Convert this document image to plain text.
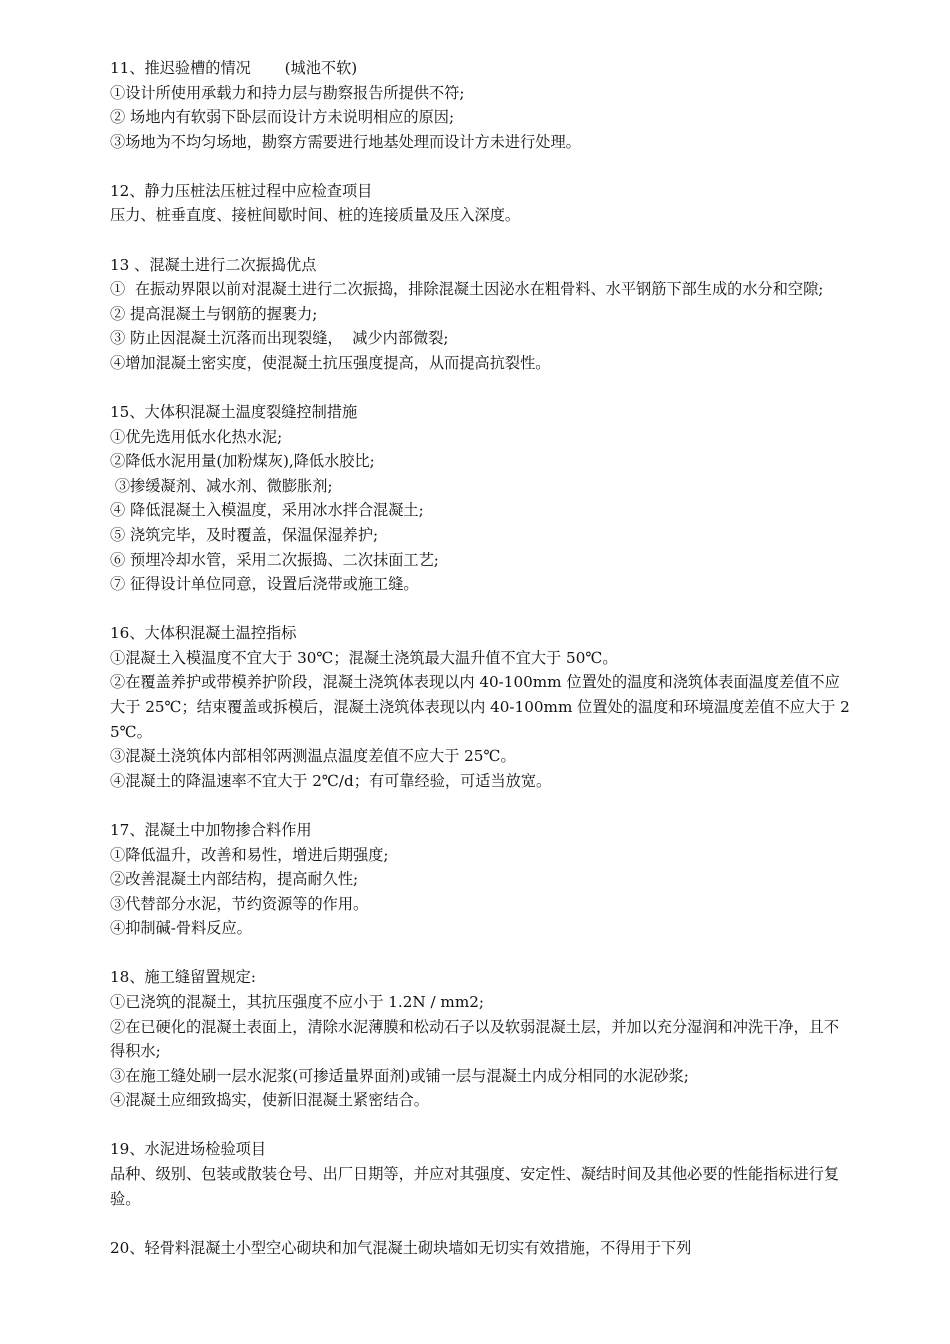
11、推迟验槽的情况       (城池不软)

①设计所使用承载力和持力层与勘察报告所提供不符;

② 场地内有软弱下卧层而设计方未说明相应的原因;

③场地为不均匀场地，勘察方需要进行地基处理而设计方未进行处理。

12、静力压桩法压桩过程中应检查项目

压力、桩垂直度、接桩间歇时间、桩的连接质量及压入深度。

13 、混凝土进行二次振捣优点

①  在振动界限以前对混凝土进行二次振捣，排除混凝土因泌水在粗骨料、水平钢筋下部生成的水分和空隙;

② 提高混凝土与钢筋的握裹力;

③ 防止因混凝土沉落而出现裂缝，  减少内部微裂;

④增加混凝土密实度，使混凝土抗压强度提高，从而提高抗裂性。

15、大体积混凝土温度裂缝控制措施

①优先选用低水化热水泥;

②降低水泥用量(加粉煤灰),降低水胶比;

③掺缓凝剂、减水剂、微膨胀剂;

④ 降低混凝土入模温度，采用冰水拌合混凝土;

⑤ 浇筑完毕，及时覆盖，保温保湿养护;

⑥ 预埋冷却水管，采用二次振捣、二次抹面工艺;

⑦ 征得设计单位同意，设置后浇带或施工缝。

16、大体积混凝土温控指标

①混凝土入模温度不宜大于 30℃；混凝土浇筑最大温升值不宜大于 50℃。

②在覆盖养护或带模养护阶段，混凝土浇筑体表现以内 40-100mm 位置处的温度和浇筑体表面温度差值不应大于 25℃；结束覆盖或拆模后，混凝土浇筑体表现以内 40-100mm 位置处的温度和环境温度差值不应大于 25℃。

③混凝土浇筑体内部相邻两测温点温度差值不应大于 25℃。

④混凝土的降温速率不宜大于 2℃/d；有可靠经验，可适当放宽。

17、混凝土中加物掺合料作用

①降低温升，改善和易性，增进后期强度;

②改善混凝土内部结构，提高耐久性;

③代替部分水泥，节约资源等的作用。

④抑制碱-骨料反应。

18、施工缝留置规定:

①已浇筑的混凝土，其抗压强度不应小于 1.2N / mm2;

②在已硬化的混凝土表面上，清除水泥薄膜和松动石子以及软弱混凝土层，并加以充分湿润和冲洗干净，且不得积水;

③在施工缝处刷一层水泥浆(可掺适量界面剂)或铺一层与混凝土内成分相同的水泥砂浆;

④混凝土应细致捣实，使新旧混凝土紧密结合。

19、水泥进场检验项目

品种、级别、包装或散装仓号、出厂日期等，并应对其强度、安定性、凝结时间及其他必要的性能指标进行复验。

20、轻骨料混凝土小型空心砌块和加气混凝土砌块墙如无切实有效措施，不得用于下列
